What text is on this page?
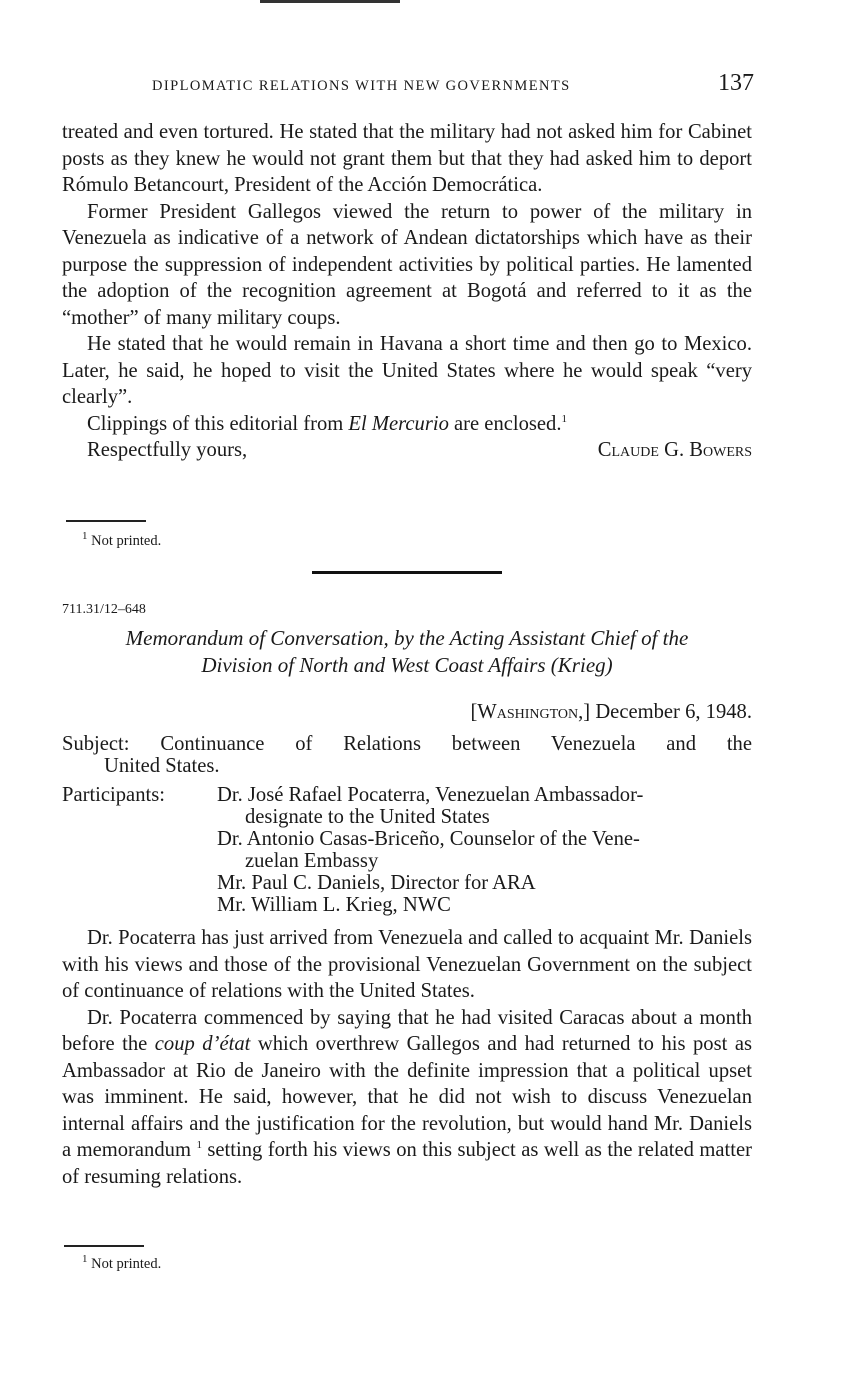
DIPLOMATIC RELATIONS WITH NEW GOVERNMENTS	137

treated and even tortured. He stated that the military had not asked him for Cabinet posts as they knew he would not grant them but that they had asked him to deport Rómulo Betancourt, President of the Acción Democrática.

Former President Gallegos viewed the return to power of the military in Venezuela as indicative of a network of Andean dictatorships which have as their purpose the suppression of independent activities by political parties. He lamented the adoption of the recognition agreement at Bogotá and referred to it as the “mother” of many military coups.

He stated that he would remain in Havana a short time and then go to Mexico. Later, he said, he hoped to visit the United States where he would speak “very clearly”.

Clippings of this editorial from El Mercurio are enclosed.$^1$

Respectfully yours,	Claude G. Bowers
$^1$ Not printed.
711.31/12–648

Memorandum of Conversation, by the Acting Assistant Chief of the
Division of North and West Coast Affairs (Krieg)

[Washington,] December 6, 1948.
Subject: Continuance of Relations between Venezuela and the
United States.
Participants:	Dr. José Rafael Pocaterra, Venezuelan Ambassador-
designate to the United States
Dr. Antonio Casas-Briceño, Counselor of the Vene-
zuelan Embassy
Mr. Paul C. Daniels, Director for ARA
Mr. William L. Krieg, NWC

Dr. Pocaterra has just arrived from Venezuela and called to acquaint Mr. Daniels with his views and those of the provisional Venezuelan Government on the subject of continuance of relations with the United States.

Dr. Pocaterra commenced by saying that he had visited Caracas about a month before the coup d’état which overthrew Gallegos and had returned to his post as Ambassador at Rio de Janeiro with the definite impression that a political upset was imminent. He said, however, that he did not wish to discuss Venezuelan internal affairs and the justification for the revolution, but would hand Mr. Daniels a memorandum $^1$ setting forth his views on this subject as well as the related matter of resuming relations.

$^1$ Not printed.
